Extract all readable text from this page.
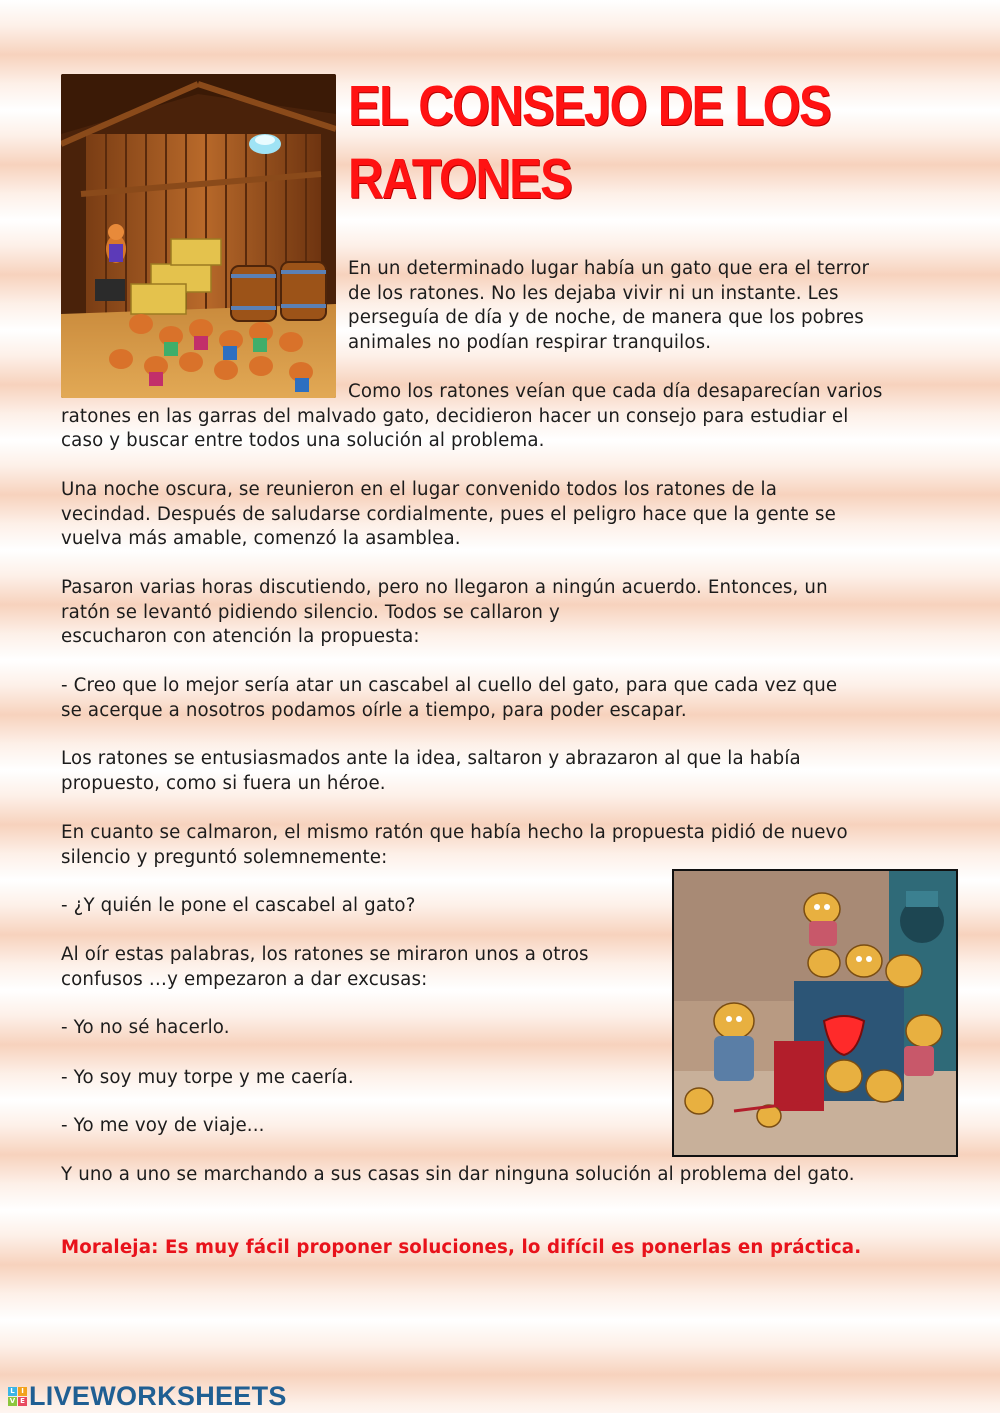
EL CONSEJO DE LOS
RATONES

En un determinado lugar había un gato que era el terror
de los ratones. No les dejaba vivir ni un instante. Les
perseguía de día y de noche, de manera que los pobres
animales no podían respirar tranquilos.

Como los ratones veían que cada día desaparecían varios
ratones en las garras del malvado gato, decidieron hacer un consejo para estudiar el
caso y buscar entre todos una solución al problema.

Una noche oscura, se reunieron en el lugar convenido todos los ratones de la
vecindad. Después de saludarse cordialmente, pues el peligro hace que la gente se
vuelva más amable, comenzó la asamblea.

Pasaron varias horas discutiendo, pero no llegaron a ningún acuerdo. Entonces, un
ratón se levantó pidiendo silencio. Todos se callaron y
escucharon con atención la propuesta:

- Creo que lo mejor sería atar un cascabel al cuello del gato, para que cada vez que
se acerque a nosotros podamos oírle a tiempo, para poder escapar.

Los ratones se entusiasmados ante la idea, saltaron y abrazaron al que la había
propuesto, como si fuera un héroe.

En cuanto se calmaron, el mismo ratón que había hecho la propuesta pidió de nuevo
silencio y preguntó solemnemente:

- ¿Y quién le pone el cascabel al gato?

Al oír estas palabras, los ratones se miraron unos a otros
confusos …y empezaron a dar excusas:

- Yo no sé hacerlo.

- Yo soy muy torpe y me caería.

- Yo me voy de viaje...

Y uno a uno se marchando a sus casas sin dar ninguna solución al problema del gato.

Moraleja: Es muy fácil proponer soluciones, lo difícil es ponerlas en práctica.

L I
V E LIVEWORKSHEETS
